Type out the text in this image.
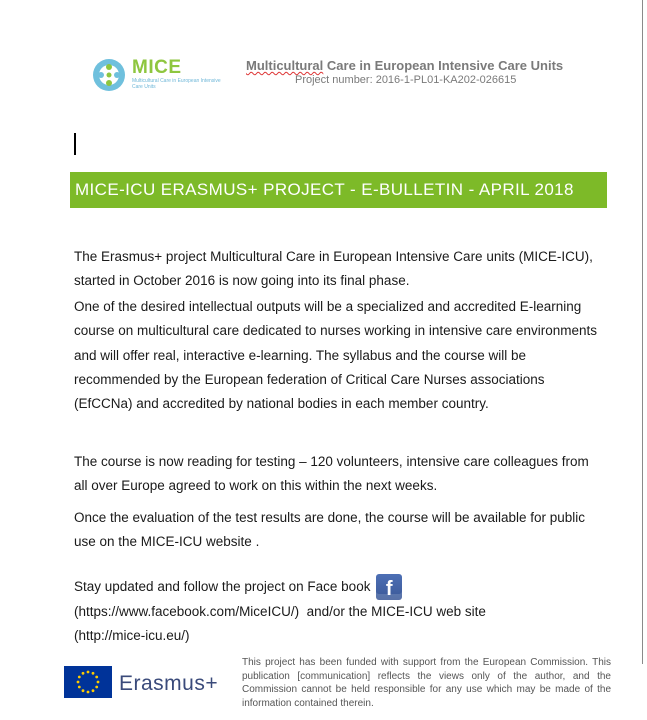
MICE
Multicultural Care in European Intensive Care Units
Multicultural Care in European Intensive Care Units
Project number: 2016-1-PL01-KA202-026615
MICE-ICU ERASMUS+ PROJECT - E-BULLETIN - APRIL 2018
The Erasmus+ project Multicultural Care in European Intensive Care units (MICE-ICU), started in October 2016 is now going into its final phase.
One of the desired intellectual outputs will be a specialized and accredited E-learning course on multicultural care dedicated to nurses working in intensive care environments and will offer real, interactive e-learning. The syllabus and the course will be recommended by the European federation of Critical Care Nurses associations (EfCCNa) and accredited by national bodies in each member country.
The course is now reading for testing – 120 volunteers, intensive care colleagues from all over Europe agreed to work on this within the next weeks.
Once the evaluation of the test results are done, the course will be available for public use on the MICE-ICU website .
Stay updated and follow the project on Face book f
(https://www.facebook.com/MiceICU/) and/or the MICE-ICU web site
(http://mice-icu.eu/)
Erasmus+
This project has been funded with support from the European Commission. This publication [communication] reflects the views only of the author, and the Commission cannot be held responsible for any use which may be made of the information contained therein.
